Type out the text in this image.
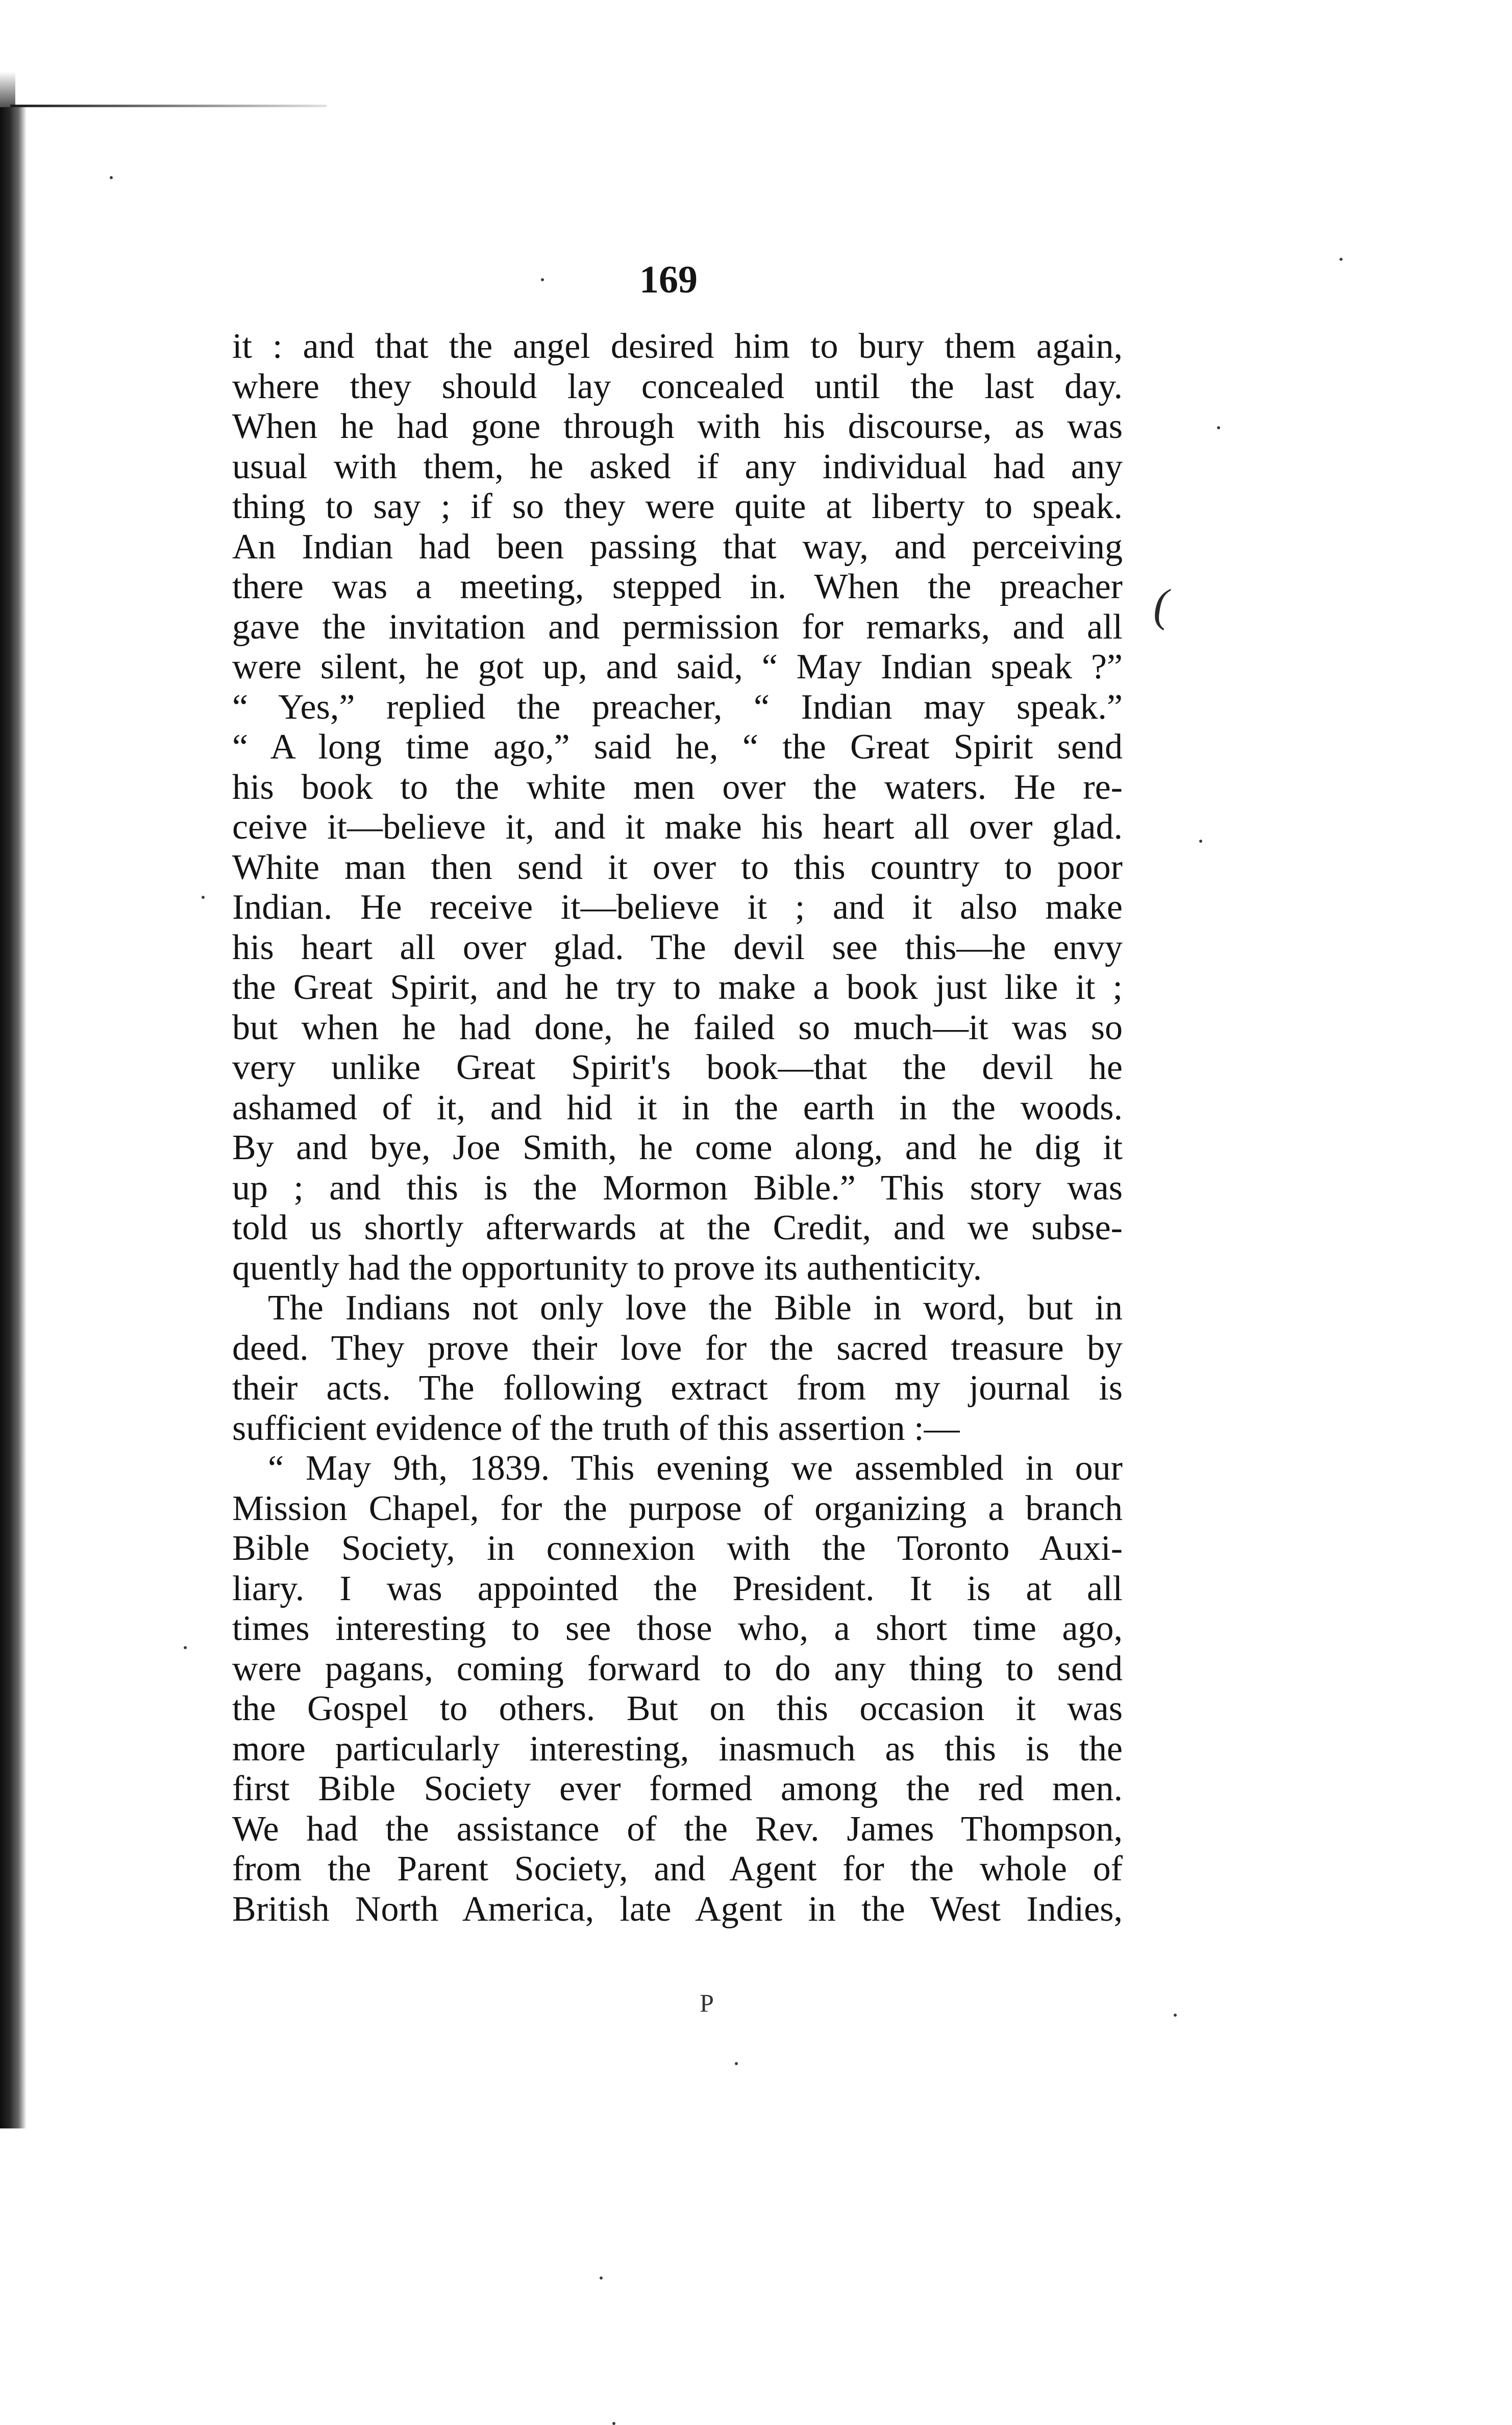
169
(
it : and that the angel desired him to bury them again,
where they should lay concealed until the last day.
When he had gone through with his discourse, as was
usual with them, he asked if any individual had any
thing to say ; if so they were quite at liberty to speak.
An Indian had been passing that way, and perceiving
there was a meeting, stepped in. When the preacher
gave the invitation and permission for remarks, and all
were silent, he got up, and said, “ May Indian speak ?”
“ Yes,” replied the preacher, “ Indian may speak.”
“ A long time ago,” said he, “ the Great Spirit send
his book to the white men over the waters. He re-
ceive it—believe it, and it make his heart all over glad.
White man then send it over to this country to poor
Indian. He receive it—believe it ; and it also make
his heart all over glad. The devil see this—he envy
the Great Spirit, and he try to make a book just like it ;
but when he had done, he failed so much—it was so
very unlike Great Spirit's book—that the devil he
ashamed of it, and hid it in the earth in the woods.
By and bye, Joe Smith, he come along, and he dig it
up ; and this is the Mormon Bible.” This story was
told us shortly afterwards at the Credit, and we subse-
quently had the opportunity to prove its authenticity.
The Indians not only love the Bible in word, but in
deed. They prove their love for the sacred treasure by
their acts. The following extract from my journal is
sufficient evidence of the truth of this assertion :—
“ May 9th, 1839. This evening we assembled in our
Mission Chapel, for the purpose of organizing a branch
Bible Society, in connexion with the Toronto Auxi-
liary. I was appointed the President. It is at all
times interesting to see those who, a short time ago,
were pagans, coming forward to do any thing to send
the Gospel to others. But on this occasion it was
more particularly interesting, inasmuch as this is the
first Bible Society ever formed among the red men.
We had the assistance of the Rev. James Thompson,
from the Parent Society, and Agent for the whole of
British North America, late Agent in the West Indies,
P
